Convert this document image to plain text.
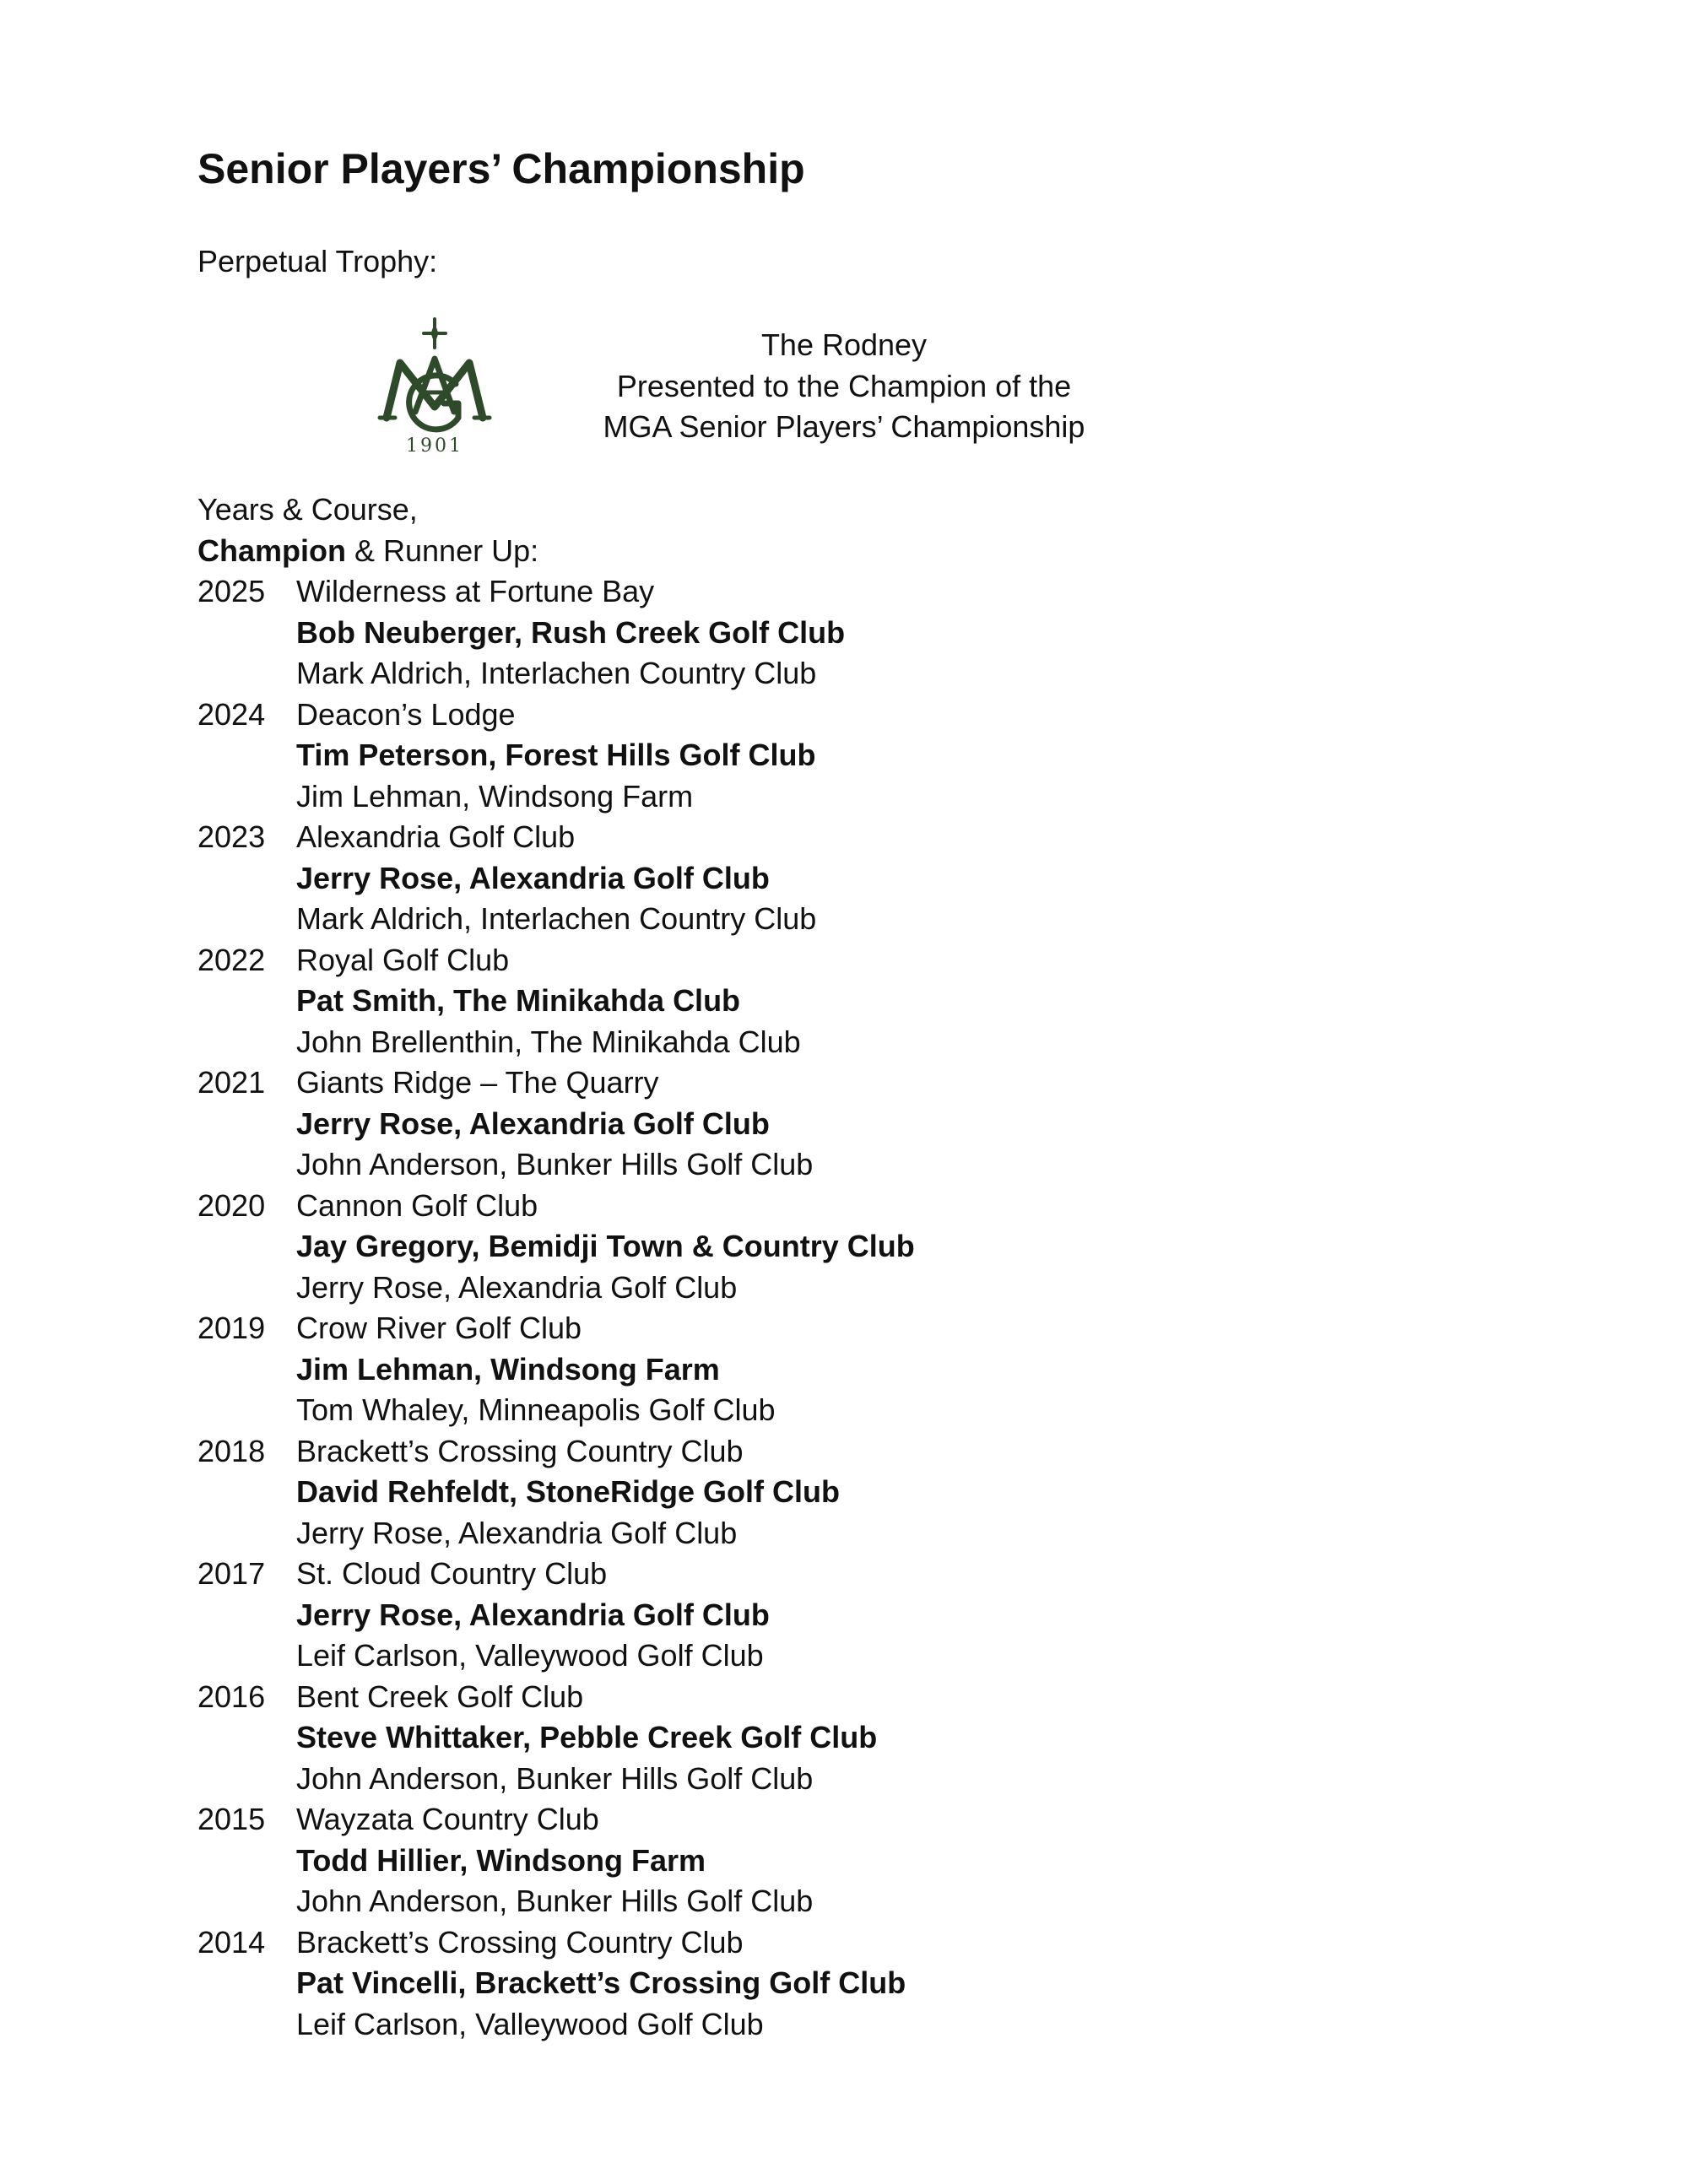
Senior Players’ Championship
Perpetual Trophy:
1901
The Rodney
Presented to the Champion of the
MGA Senior Players’ Championship
Years & Course,
Champion & Runner Up:
2025	Wilderness at Fortune Bay
Bob Neuberger, Rush Creek Golf Club
Mark Aldrich, Interlachen Country Club
2024	Deacon’s Lodge
Tim Peterson, Forest Hills Golf Club
Jim Lehman, Windsong Farm
2023	Alexandria Golf Club
Jerry Rose, Alexandria Golf Club
Mark Aldrich, Interlachen Country Club
2022	Royal Golf Club
Pat Smith, The Minikahda Club
John Brellenthin, The Minikahda Club
2021	Giants Ridge – The Quarry
Jerry Rose, Alexandria Golf Club
John Anderson, Bunker Hills Golf Club
2020	Cannon Golf Club
Jay Gregory, Bemidji Town & Country Club
Jerry Rose, Alexandria Golf Club
2019	Crow River Golf Club
Jim Lehman, Windsong Farm
Tom Whaley, Minneapolis Golf Club
2018	Brackett’s Crossing Country Club
David Rehfeldt, StoneRidge Golf Club
Jerry Rose, Alexandria Golf Club
2017	St. Cloud Country Club
Jerry Rose, Alexandria Golf Club
Leif Carlson, Valleywood Golf Club
2016	Bent Creek Golf Club
Steve Whittaker, Pebble Creek Golf Club
John Anderson, Bunker Hills Golf Club
2015	Wayzata Country Club
Todd Hillier, Windsong Farm
John Anderson, Bunker Hills Golf Club
2014	Brackett’s Crossing Country Club
Pat Vincelli, Brackett’s Crossing Golf Club
Leif Carlson, Valleywood Golf Club
